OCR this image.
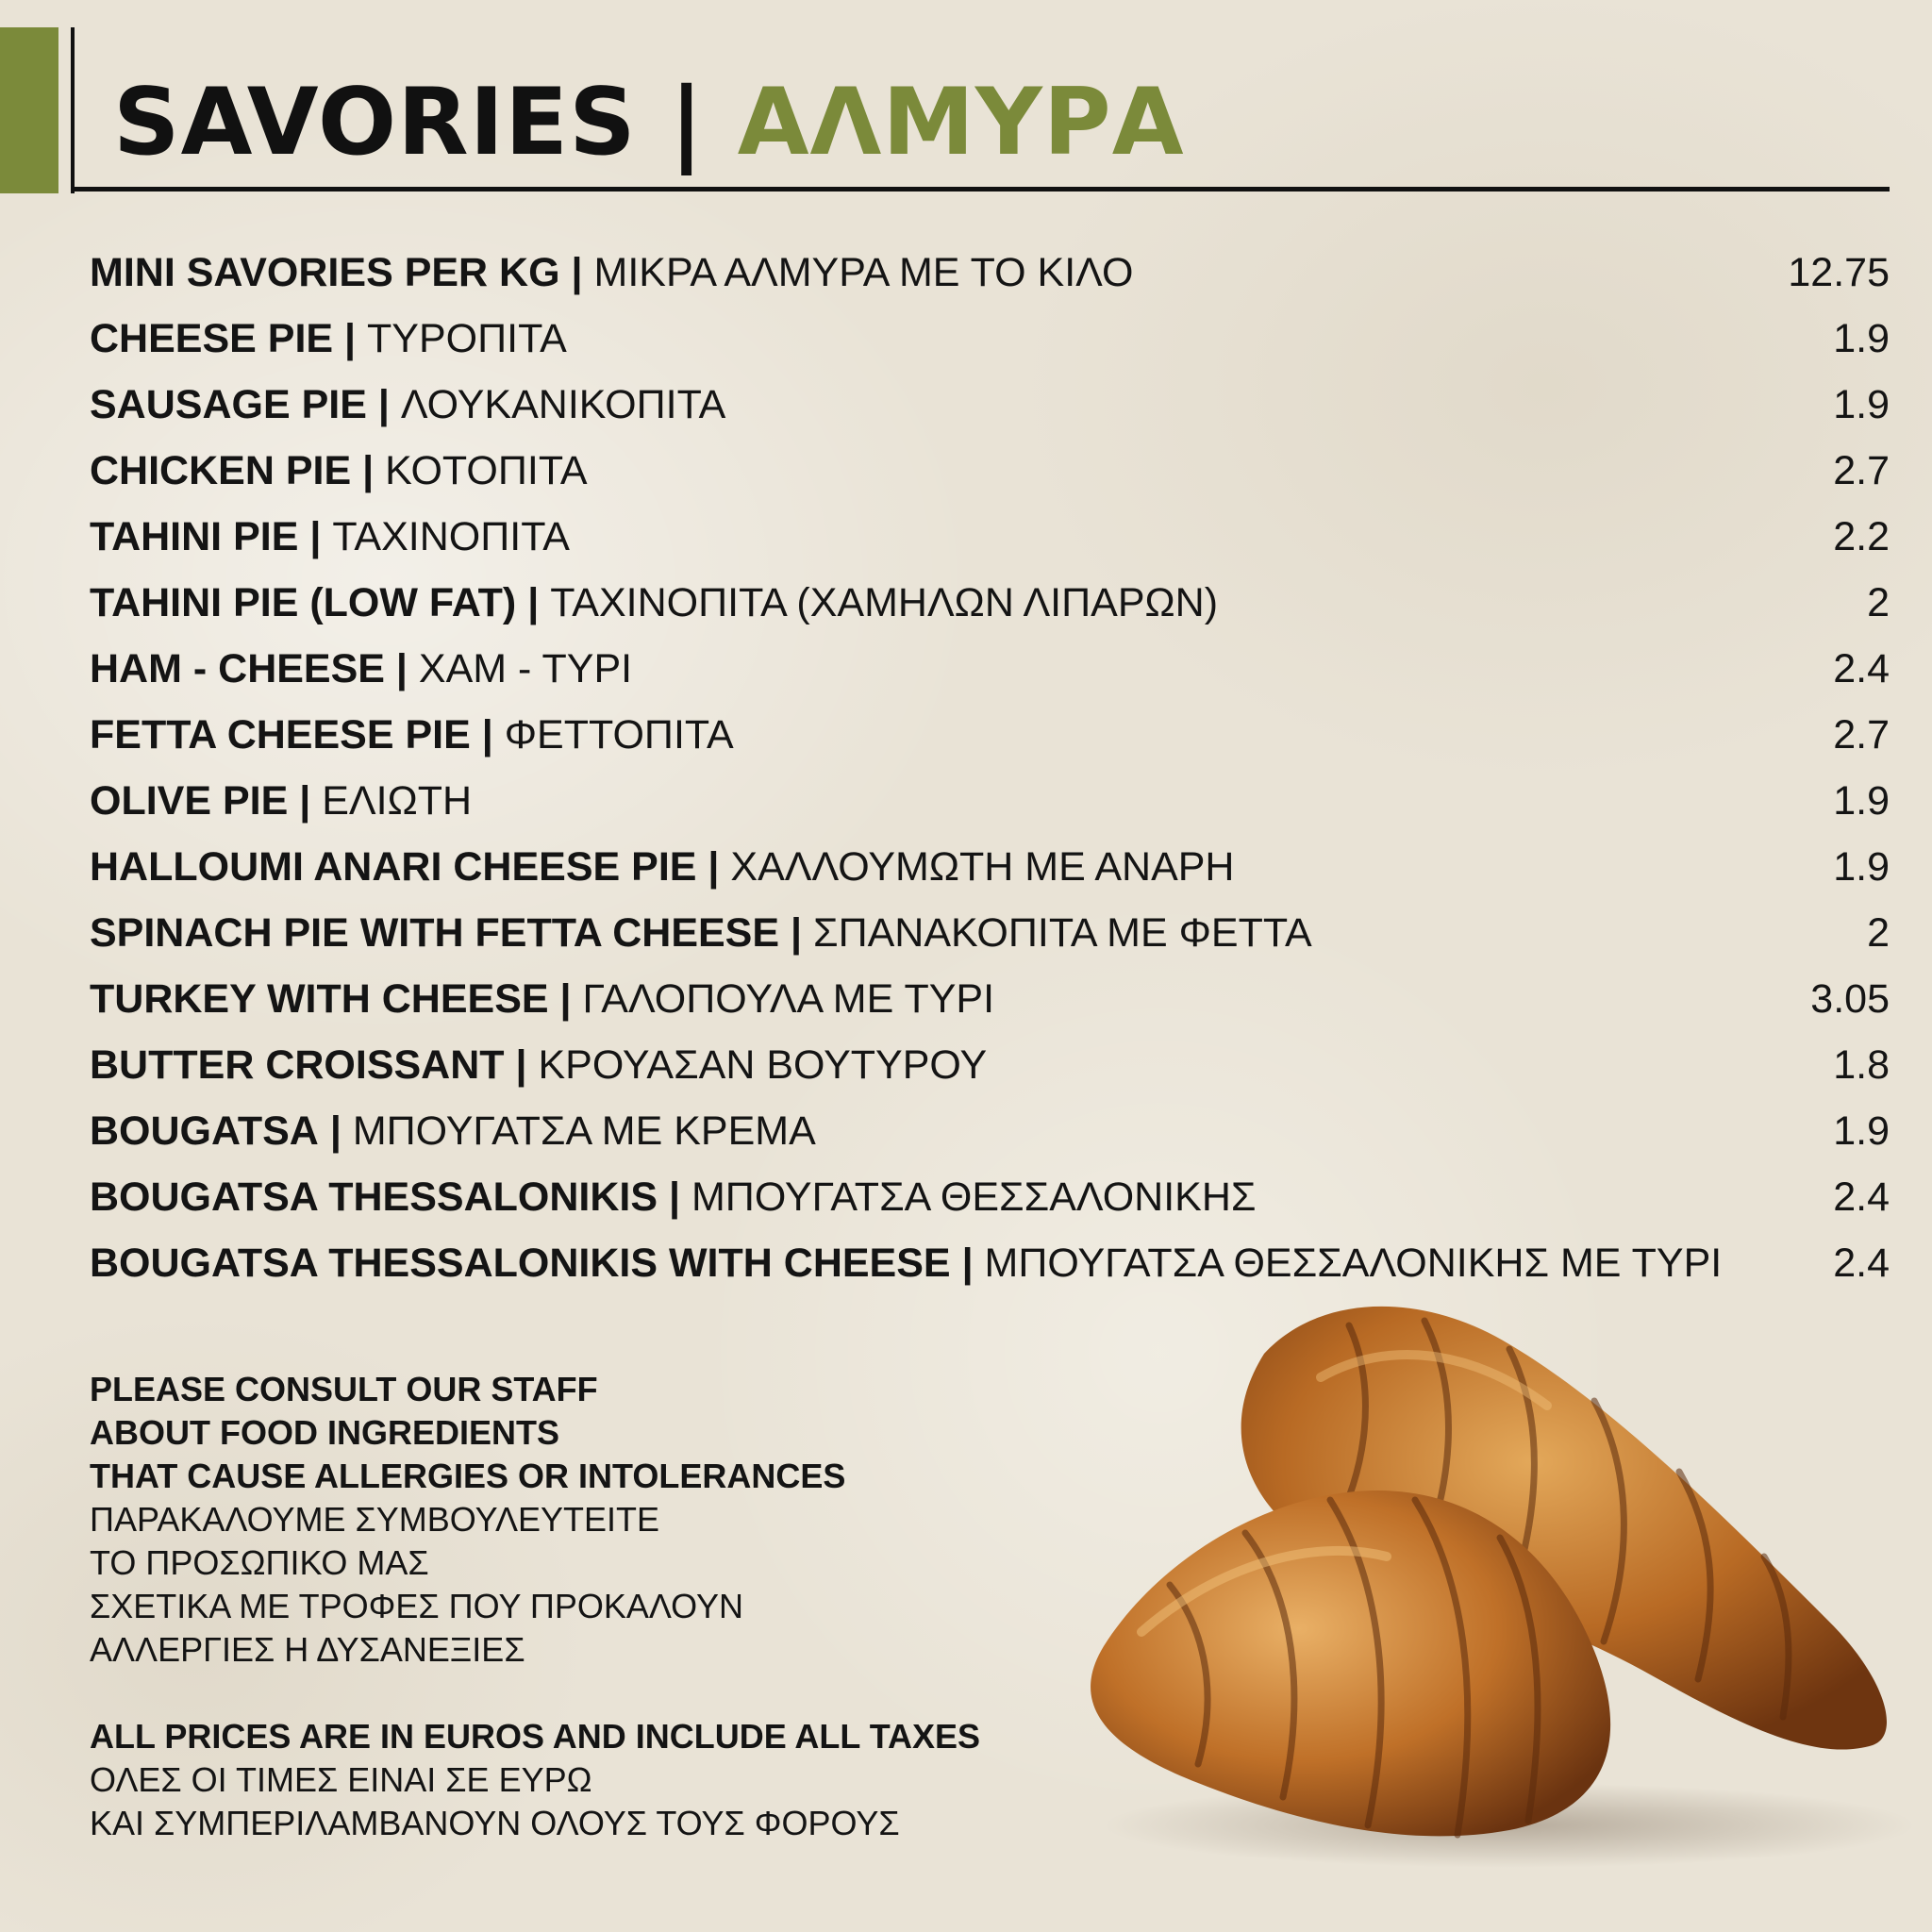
SAVORIES | ΑΛΜΥΡΑ
MINI SAVORIES PER KG | ΜΙΚΡΑ ΑΛΜΥΡΑ ΜΕ ΤΟ ΚΙΛΟ	12.75
CHEESE PIE | ΤΥΡΟΠΙΤΑ	1.9
SAUSAGE PIE | ΛΟΥΚΑΝΙΚΟΠΙΤΑ	1.9
CHICKEN PIE | ΚΟΤΟΠΙΤΑ	2.7
TAHINI PIE | ΤΑΧΙΝΟΠΙΤΑ	2.2
TAHINI PIE (LOW FAT) | ΤΑΧΙΝΟΠΙΤΑ (ΧΑΜΗΛΩΝ ΛΙΠΑΡΩΝ)	2
HAM - CHEESE | ΧΑΜ - ΤΥΡΙ	2.4
FETTA CHEESE PIE | ΦΕΤΤΟΠΙΤΑ	2.7
OLIVE PIE | ΕΛΙΩΤΗ	1.9
HALLOUMI ANARI CHEESE PIE | ΧΑΛΛΟΥΜΩΤΗ ΜΕ ΑΝΑΡΗ	1.9
SPINACH PIE WITH FETTA CHEESE | ΣΠΑΝΑΚΟΠΙΤΑ ΜΕ ΦΕΤΤΑ	2
TURKEY WITH CHEESE | ΓΑΛΟΠΟΥΛΑ ΜΕ ΤΥΡΙ	3.05
BUTTER CROISSANT | ΚΡΟΥΑΣΑΝ ΒΟΥΤΥΡΟΥ	1.8
BOUGATSA | ΜΠΟΥΓΑΤΣΑ ΜΕ ΚΡΕΜΑ	1.9
BOUGATSA THESSALONIKIS | ΜΠΟΥΓΑΤΣΑ ΘΕΣΣΑΛΟΝΙΚΗΣ	2.4
BOUGATSA THESSALONIKIS WITH CHEESE | ΜΠΟΥΓΑΤΣΑ ΘΕΣΣΑΛΟΝΙΚΗΣ ΜΕ ΤΥΡΙ	2.4
PLEASE CONSULT OUR STAFF
ABOUT FOOD INGREDIENTS
THAT CAUSE ALLERGIES OR INTOLERANCES
ΠΑΡΑΚΑΛΟΥΜΕ ΣΥΜΒΟΥΛΕΥΤΕΙΤΕ
ΤΟ ΠΡΟΣΩΠΙΚΟ ΜΑΣ
ΣΧΕΤΙΚΑ ΜΕ ΤΡΟΦΕΣ ΠΟΥ ΠΡΟΚΑΛΟΥΝ
ΑΛΛΕΡΓΙΕΣ Η ΔΥΣΑΝΕΞΙΕΣ
ALL PRICES ARE IN EUROS AND INCLUDE ALL TAXES
ΟΛΕΣ ΟΙ ΤΙΜΕΣ ΕΙΝΑΙ ΣΕ ΕΥΡΩ
ΚΑΙ ΣΥΜΠΕΡΙΛΑΜΒΑΝΟΥΝ ΟΛΟΥΣ ΤΟΥΣ ΦΟΡΟΥΣ
